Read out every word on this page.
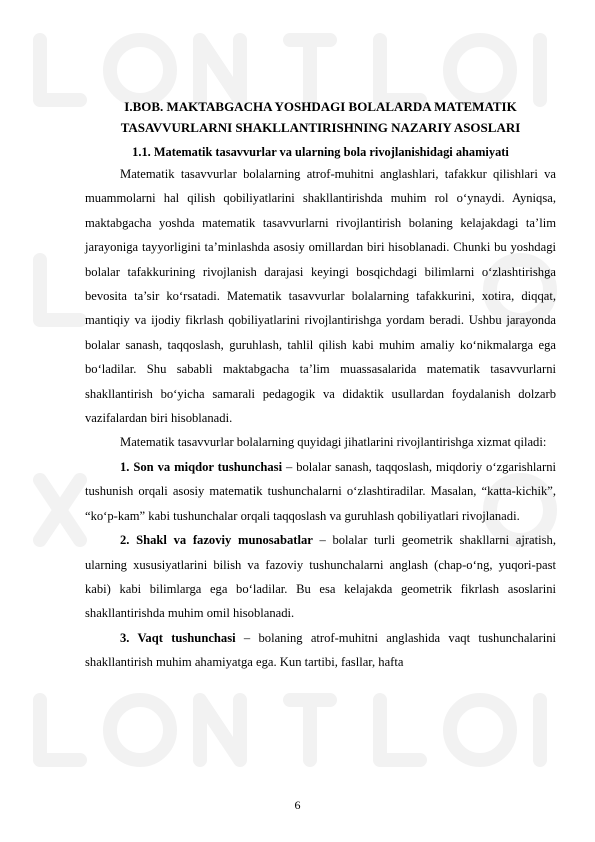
I.BOB. MAKTABGACHA YOSHDAGI BOLALARDA MATEMATIK
TASAVVURLARNI SHAKLLANTIRISHNING NAZARIY ASOSLARI
1.1. Matematik tasavvurlar va ularning bola rivojlanishidagi ahamiyati

Matematik tasavvurlar bolalarning atrof-muhitni anglashlari, tafakkur qilishlari va muammolarni hal qilish qobiliyatlarini shakllantirishda muhim rol o‘ynaydi. Ayniqsa, maktabgacha yoshda matematik tasavvurlarni rivojlantirish bolaning kelajakdagi ta’lim jarayoniga tayyorligini ta’minlashda asosiy omillardan biri hisoblanadi. Chunki bu yoshdagi bolalar tafakkurining rivojlanish darajasi keyingi bosqichdagi bilimlarni o‘zlashtirishga bevosita ta’sir ko‘rsatadi. Matematik tasavvurlar bolalarning tafakkurini, xotira, diqqat, mantiqiy va ijodiy fikrlash qobiliyatlarini rivojlantirishga yordam beradi. Ushbu jarayonda bolalar sanash, taqqoslash, guruhlash, tahlil qilish kabi muhim amaliy ko‘nikmalarga ega bo‘ladilar. Shu sababli maktabgacha ta’lim muassasalarida matematik tasavvurlarni shakllantirish bo‘yicha samarali pedagogik va didaktik usullardan foydalanish dolzarb vazifalardan biri hisoblanadi.

Matematik tasavvurlar bolalarning quyidagi jihatlarini rivojlantirishga xizmat qiladi:

1. Son va miqdor tushunchasi – bolalar sanash, taqqoslash, miqdoriy o‘zgarishlarni tushunish orqali asosiy matematik tushunchalarni o‘zlashtiradilar. Masalan, “katta-kichik”, “ko‘p-kam” kabi tushunchalar orqali taqqoslash va guruhlash qobiliyatlari rivojlanadi.

2. Shakl va fazoviy munosabatlar – bolalar turli geometrik shakllarni ajratish, ularning xususiyatlarini bilish va fazoviy tushunchalarni anglash (chap-o‘ng, yuqori-past kabi) kabi bilimlarga ega bo‘ladilar. Bu esa kelajakda geometrik fikrlash asoslarini shakllantirishda muhim omil hisoblanadi.

3. Vaqt tushunchasi – bolaning atrof-muhitni anglashida vaqt tushunchalarini shakllantirish muhim ahamiyatga ega. Kun tartibi, fasllar, hafta

6
